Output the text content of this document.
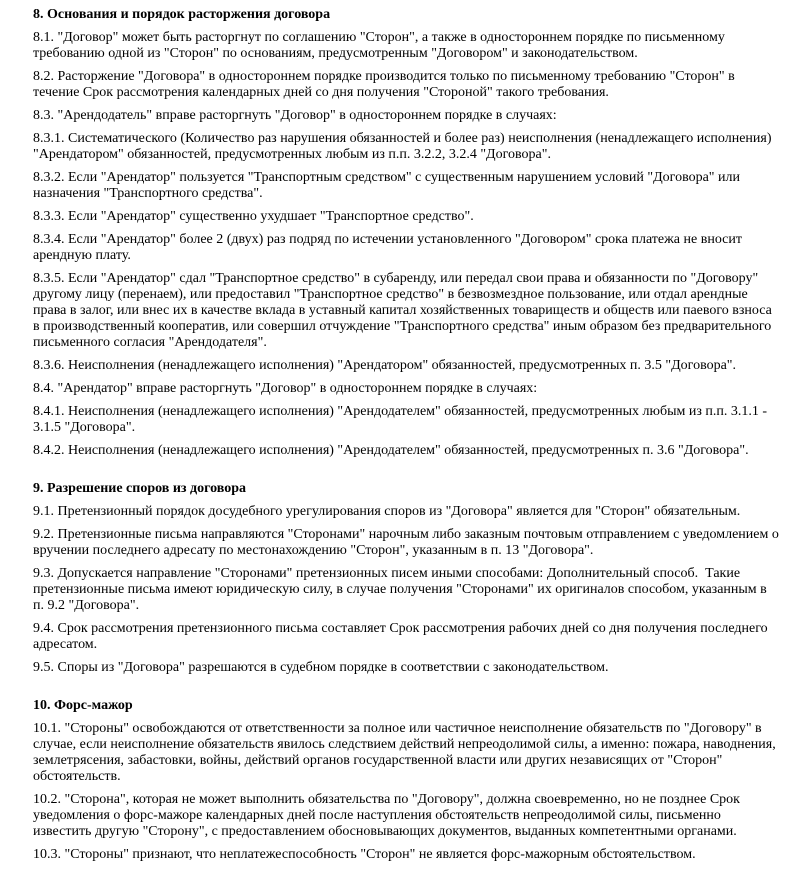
8. Основания и порядок расторжения договора

8.1. "Договор" может быть расторгнут по соглашению "Сторон", а также в одностороннем порядке по письменному требованию одной из "Сторон" по основаниям, предусмотренным "Договором" и законодательством.

8.2. Расторжение "Договора" в одностороннем порядке производится только по письменному требованию "Сторон" в течение Срок рассмотрения календарных дней со дня получения "Стороной" такого требования.

8.3. "Арендодатель" вправе расторгнуть "Договор" в одностороннем порядке в случаях:

8.3.1. Систематического (Количество раз нарушения обязанностей и более раз) неисполнения (ненадлежащего исполнения) "Арендатором" обязанностей, предусмотренных любым из п.п. 3.2.2, 3.2.4 "Договора".

8.3.2. Если "Арендатор" пользуется "Транспортным средством" с существенным нарушением условий "Договора" или назначения "Транспортного средства".

8.3.3. Если "Арендатор" существенно ухудшает "Транспортное средство".

8.3.4. Если "Арендатор" более 2 (двух) раз подряд по истечении установленного "Договором" срока платежа не вносит арендную плату.

8.3.5. Если "Арендатор" сдал "Транспортное средство" в субаренду, или передал свои права и обязанности по "Договору" другому лицу (перенаем), или предоставил "Транспортное средство" в безвозмездное пользование, или отдал арендные права в залог, или внес их в качестве вклада в уставный капитал хозяйственных товариществ и обществ или паевого взноса в производственный кооператив, или совершил отчуждение "Транспортного средства" иным образом без предварительного письменного согласия "Арендодателя".

8.3.6. Неисполнения (ненадлежащего исполнения) "Арендатором" обязанностей, предусмотренных п. 3.5 "Договора".

8.4. "Арендатор" вправе расторгнуть "Договор" в одностороннем порядке в случаях:

8.4.1. Неисполнения (ненадлежащего исполнения) "Арендодателем" обязанностей, предусмотренных любым из п.п. 3.1.1 - 3.1.5 "Договора".

8.4.2. Неисполнения (ненадлежащего исполнения) "Арендодателем" обязанностей, предусмотренных п. 3.6 "Договора".

9. Разрешение споров из договора

9.1. Претензионный порядок досудебного урегулирования споров из "Договора" является для "Сторон" обязательным.

9.2. Претензионные письма направляются "Сторонами" нарочным либо заказным почтовым отправлением с уведомлением о вручении последнего адресату по местонахождению "Сторон", указанным в п. 13 "Договора".

9.3. Допускается направление "Сторонами" претензионных писем иными способами: Дополнительный способ.  Такие претензионные письма имеют юридическую силу, в случае получения "Сторонами" их оригиналов способом, указанным в п. 9.2 "Договора".

9.4. Срок рассмотрения претензионного письма составляет Срок рассмотрения рабочих дней со дня получения последнего адресатом.

9.5. Споры из "Договора" разрешаются в судебном порядке в соответствии с законодательством.

10. Форс-мажор

10.1. "Стороны" освобождаются от ответственности за полное или частичное неисполнение обязательств по "Договору" в случае, если неисполнение обязательств явилось следствием действий непреодолимой силы, а именно: пожара, наводнения, землетрясения, забастовки, войны, действий органов государственной власти или других независящих от "Сторон" обстоятельств.

10.2. "Сторона", которая не может выполнить обязательства по "Договору", должна своевременно, но не позднее Срок уведомления о форс-мажоре календарных дней после наступления обстоятельств непреодолимой силы, письменно известить другую "Сторону", с предоставлением обосновывающих документов, выданных компетентными органами.

10.3. "Стороны" признают, что неплатежеспособность "Сторон" не является форс-мажорным обстоятельством.
